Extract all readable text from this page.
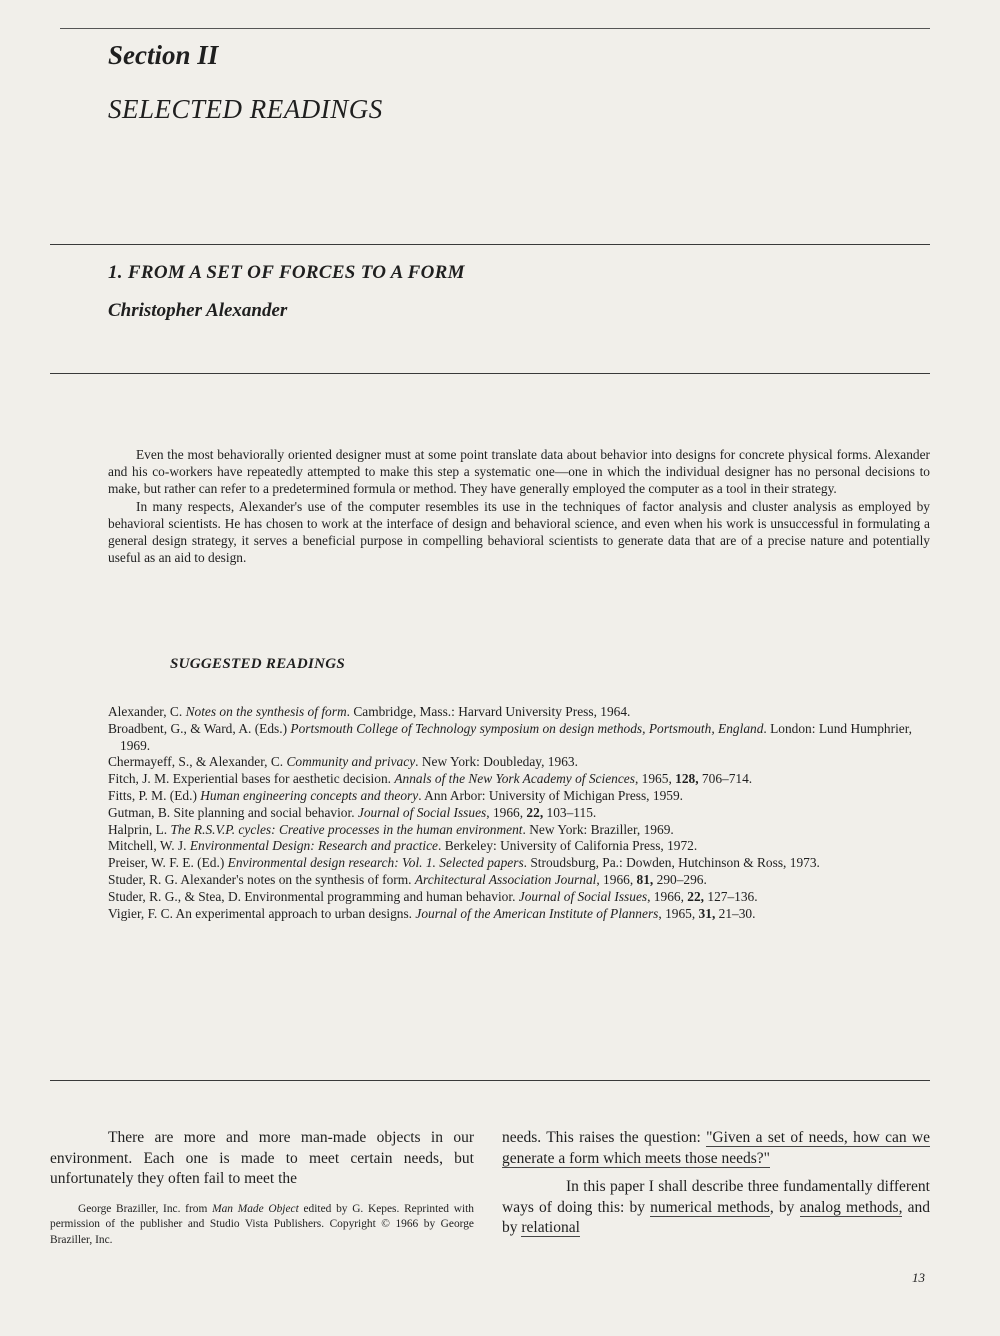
Section II
SELECTED READINGS
1. FROM A SET OF FORCES TO A FORM
Christopher Alexander

Even the most behaviorally oriented designer must at some point translate data about behavior into designs for concrete physical forms. Alexander and his co-workers have repeatedly attempted to make this step a systematic one—one in which the individual designer has no personal decisions to make, but rather can refer to a predetermined formula or method. They have generally employed the computer as a tool in their strategy.

In many respects, Alexander's use of the computer resembles its use in the techniques of factor analysis and cluster analysis as employed by behavioral scientists. He has chosen to work at the interface of design and behavioral science, and even when his work is unsuccessful in formulating a general design strategy, it serves a beneficial purpose in compelling behavioral scientists to generate data that are of a precise nature and potentially useful as an aid to design.

SUGGESTED READINGS
Alexander, C. Notes on the synthesis of form. Cambridge, Mass.: Harvard University Press, 1964.
Broadbent, G., & Ward, A. (Eds.) Portsmouth College of Technology symposium on design methods, Portsmouth, England. London: Lund Humphrier, 1969.
Chermayeff, S., & Alexander, C. Community and privacy. New York: Doubleday, 1963.
Fitch, J. M. Experiential bases for aesthetic decision. Annals of the New York Academy of Sciences, 1965, 128, 706–714.
Fitts, P. M. (Ed.) Human engineering concepts and theory. Ann Arbor: University of Michigan Press, 1959.
Gutman, B. Site planning and social behavior. Journal of Social Issues, 1966, 22, 103–115.
Halprin, L. The R.S.V.P. cycles: Creative processes in the human environment. New York: Braziller, 1969.
Mitchell, W. J. Environmental Design: Research and practice. Berkeley: University of California Press, 1972.
Preiser, W. F. E. (Ed.) Environmental design research: Vol. 1. Selected papers. Stroudsburg, Pa.: Dowden, Hutchinson & Ross, 1973.
Studer, R. G. Alexander's notes on the synthesis of form. Architectural Association Journal, 1966, 81, 290–296.
Studer, R. G., & Stea, D. Environmental programming and human behavior. Journal of Social Issues, 1966, 22, 127–136.
Vigier, F. C. An experimental approach to urban designs. Journal of the American Institute of Planners, 1965, 31, 21–30.

There are more and more man-made objects in our environment. Each one is made to meet certain needs, but unfortunately they often fail to meet the

George Braziller, Inc. from Man Made Object edited by G. Kepes. Reprinted with permission of the publisher and Studio Vista Publishers. Copyright © 1966 by George Braziller, Inc.

needs. This raises the question: "Given a set of needs, how can we generate a form which meets those needs?"

In this paper I shall describe three fundamentally different ways of doing this: by numerical methods, by analog methods, and by relational

13
